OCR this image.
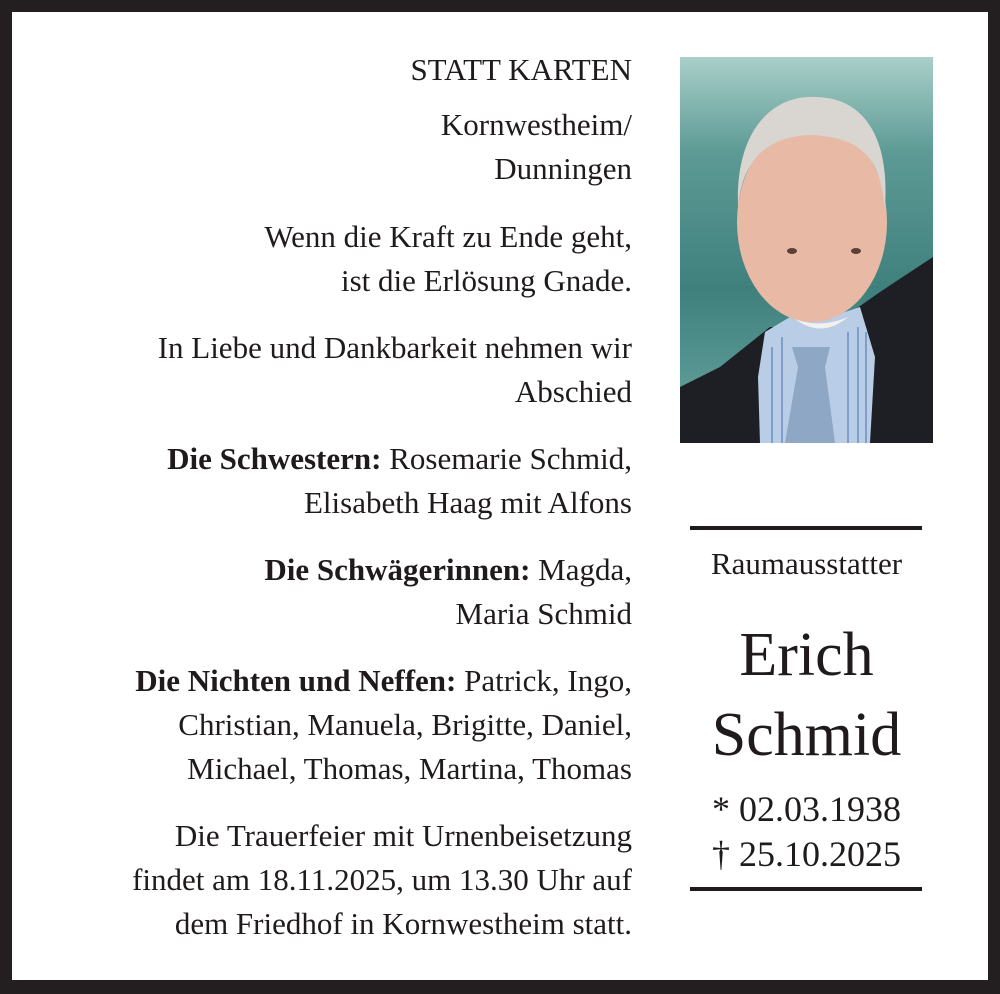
STATT KARTEN
Kornwestheim/
Dunningen
Wenn die Kraft zu Ende geht,
ist die Erlösung Gnade.
In Liebe und Dankbarkeit nehmen wir
Abschied
Die Schwestern: Rosemarie Schmid,
Elisabeth Haag mit Alfons
Die Schwägerinnen: Magda,
Maria Schmid
Die Nichten und Neffen: Patrick, Ingo,
Christian, Manuela, Brigitte, Daniel,
Michael, Thomas, Martina, Thomas
Die Trauerfeier mit Urnenbeisetzung
findet am 18.11.2025, um 13.30 Uhr auf
dem Friedhof in Kornwestheim statt.
Raumausstatter
Erich
Schmid
* 02.03.1938
† 25.10.2025
